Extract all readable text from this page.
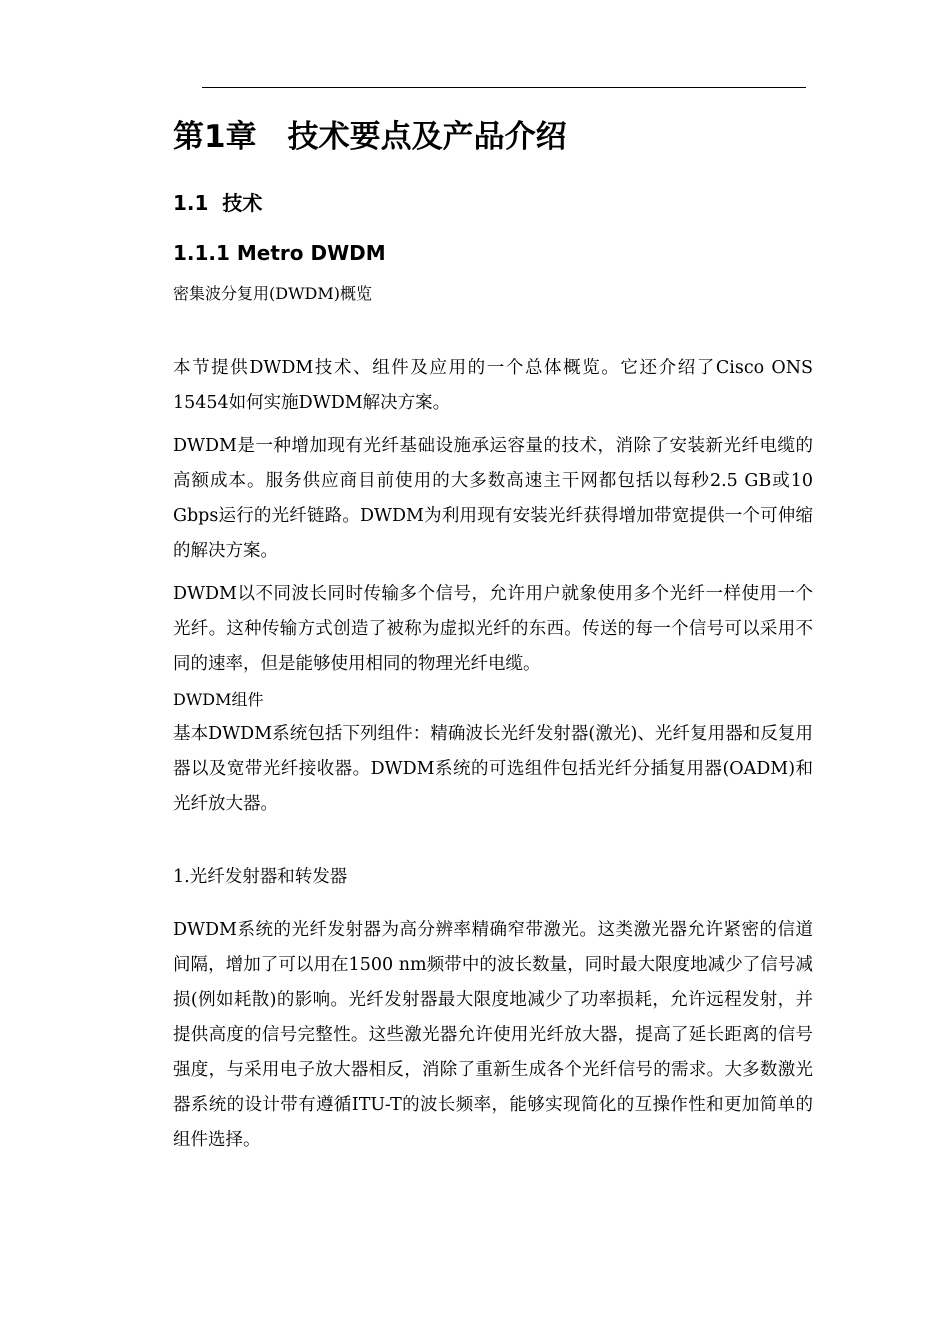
第1章　技术要点及产品介绍
1.1  技术
1.1.1 Metro DWDM

密集波分复用(DWDM)概览

本节提供DWDM技术、组件及应用的一个总体概览。它还介绍了Cisco ONS 15454如何实施DWDM解决方案。

DWDM是一种增加现有光纤基础设施承运容量的技术，消除了安装新光纤电缆的高额成本。服务供应商目前使用的大多数高速主干网都包括以每秒2.5 GB或10 Gbps运行的光纤链路。DWDM为利用现有安装光纤获得增加带宽提供一个可伸缩的解决方案。

DWDM以不同波长同时传输多个信号，允许用户就象使用多个光纤一样使用一个光纤。这种传输方式创造了被称为虚拟光纤的东西。传送的每一个信号可以采用不同的速率，但是能够使用相同的物理光纤电缆。

DWDM组件

基本DWDM系统包括下列组件：精确波长光纤发射器(激光)、光纤复用器和反复用器以及宽带光纤接收器。DWDM系统的可选组件包括光纤分插复用器(OADM)和光纤放大器。

1.光纤发射器和转发器

DWDM系统的光纤发射器为高分辨率精确窄带激光。这类激光器允许紧密的信道间隔，增加了可以用在1500 nm频带中的波长数量，同时最大限度地减少了信号减损(例如耗散)的影响。光纤发射器最大限度地减少了功率损耗，允许远程发射，并提供高度的信号完整性。这些激光器允许使用光纤放大器，提高了延长距离的信号强度，与采用电子放大器相反，消除了重新生成各个光纤信号的需求。大多数激光器系统的设计带有遵循ITU-T的波长频率，能够实现简化的互操作性和更加简单的组件选择。
